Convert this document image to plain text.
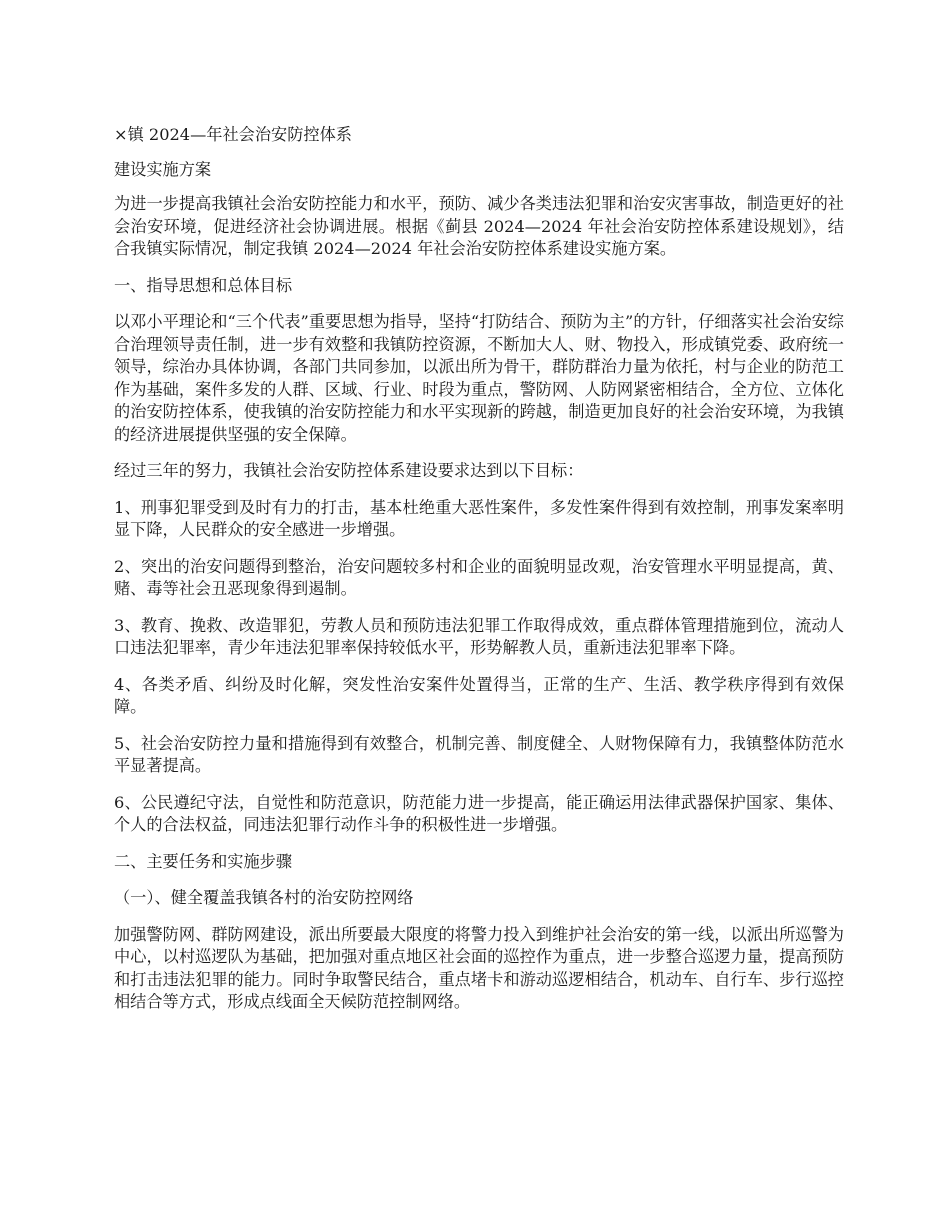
×镇 2024—年社会治安防控体系

建设实施方案

为进一步提高我镇社会治安防控能力和水平，预防、减少各类违法犯罪和治安灾害事故，制造更好的社会治安环境，促进经济社会协调进展。根据《蓟县 2024—2024 年社会治安防控体系建设规划》，结合我镇实际情况，制定我镇 2024—2024 年社会治安防控体系建设实施方案。

一、指导思想和总体目标

以邓小平理论和“三个代表”重要思想为指导，坚持“打防结合、预防为主”的方针，仔细落实社会治安综合治理领导责任制，进一步有效整和我镇防控资源，不断加大人、财、物投入，形成镇党委、政府统一领导，综治办具体协调，各部门共同参加，以派出所为骨干，群防群治力量为依托，村与企业的防范工作为基础，案件多发的人群、区域、行业、时段为重点，警防网、人防网紧密相结合，全方位、立体化的治安防控体系，使我镇的治安防控能力和水平实现新的跨越，制造更加良好的社会治安环境，为我镇的经济进展提供坚强的安全保障。

经过三年的努力，我镇社会治安防控体系建设要求达到以下目标：

1、刑事犯罪受到及时有力的打击，基本杜绝重大恶性案件，多发性案件得到有效控制，刑事发案率明显下降，人民群众的安全感进一步增强。

2、突出的治安问题得到整治，治安问题较多村和企业的面貌明显改观，治安管理水平明显提高，黄、赌、毒等社会丑恶现象得到遏制。

3、教育、挽救、改造罪犯，劳教人员和预防违法犯罪工作取得成效，重点群体管理措施到位，流动人口违法犯罪率，青少年违法犯罪率保持较低水平，形势解教人员，重新违法犯罪率下降。

4、各类矛盾、纠纷及时化解，突发性治安案件处置得当，正常的生产、生活、教学秩序得到有效保障。

5、社会治安防控力量和措施得到有效整合，机制完善、制度健全、人财物保障有力，我镇整体防范水平显著提高。

6、公民遵纪守法，自觉性和防范意识，防范能力进一步提高，能正确运用法律武器保护国家、集体、个人的合法权益，同违法犯罪行动作斗争的积极性进一步增强。

二、主要任务和实施步骤

（一）、健全覆盖我镇各村的治安防控网络

加强警防网、群防网建设，派出所要最大限度的将警力投入到维护社会治安的第一线，以派出所巡警为中心，以村巡逻队为基础，把加强对重点地区社会面的巡控作为重点，进一步整合巡逻力量，提高预防和打击违法犯罪的能力。同时争取警民结合，重点堵卡和游动巡逻相结合，机动车、自行车、步行巡控相结合等方式，形成点线面全天候防范控制网络。
